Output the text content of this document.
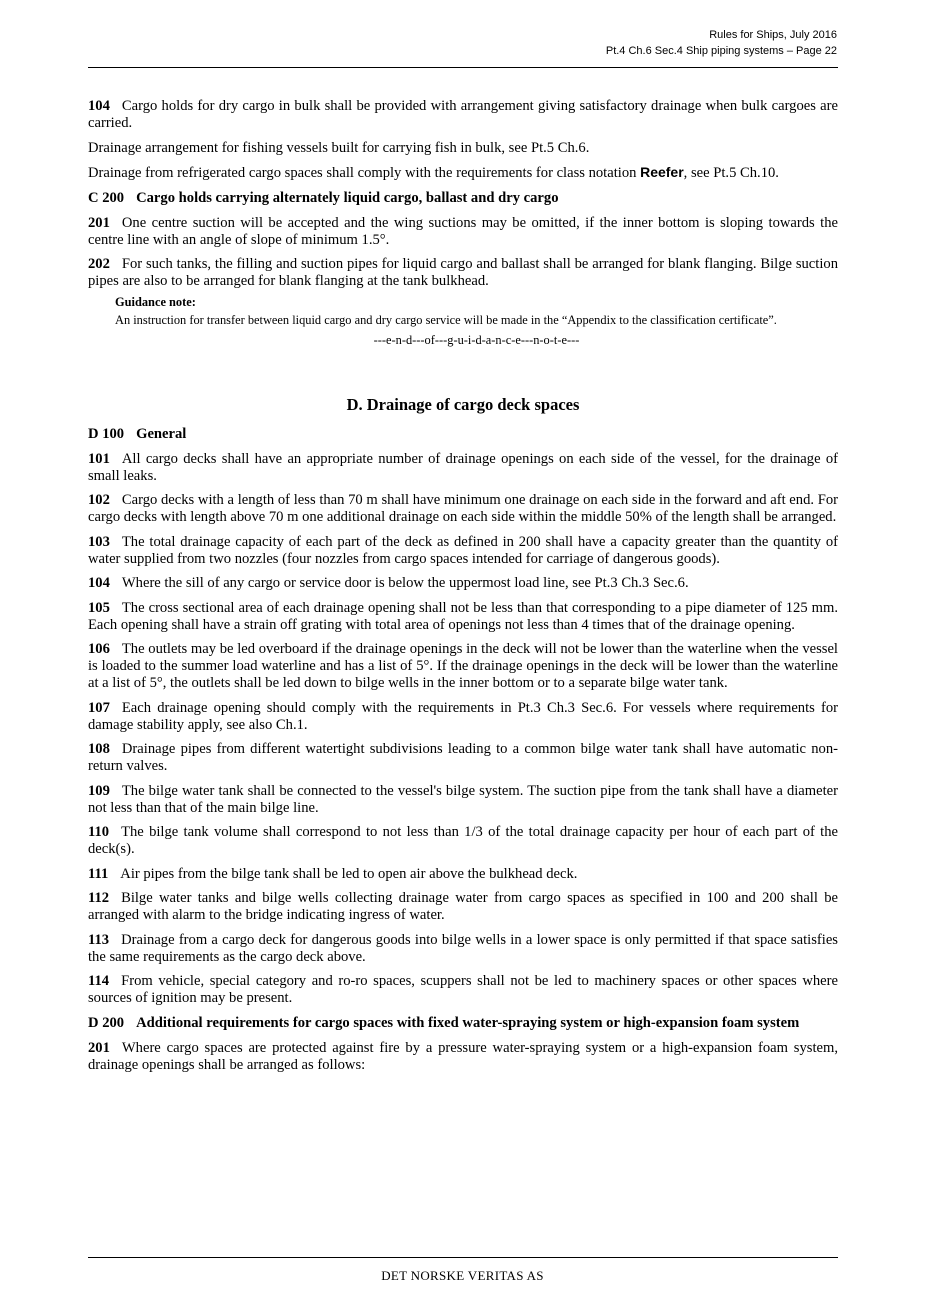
Rules for Ships, July 2016
Pt.4 Ch.6 Sec.4 Ship piping systems – Page 22

104 Cargo holds for dry cargo in bulk shall be provided with arrangement giving satisfactory drainage when bulk cargoes are carried.

Drainage arrangement for fishing vessels built for carrying fish in bulk, see Pt.5 Ch.6.

Drainage from refrigerated cargo spaces shall comply with the requirements for class notation Reefer, see Pt.5 Ch.10.

C 200 Cargo holds carrying alternately liquid cargo, ballast and dry cargo

201 One centre suction will be accepted and the wing suctions may be omitted, if the inner bottom is sloping towards the centre line with an angle of slope of minimum 1.5°.

202 For such tanks, the filling and suction pipes for liquid cargo and ballast shall be arranged for blank flanging. Bilge suction pipes are also to be arranged for blank flanging at the tank bulkhead.

Guidance note:
An instruction for transfer between liquid cargo and dry cargo service will be made in the “Appendix to the classification certificate”.
---e-n-d---of---g-u-i-d-a-n-c-e---n-o-t-e---
D. Drainage of cargo deck spaces
D 100 General

101 All cargo decks shall have an appropriate number of drainage openings on each side of the vessel, for the drainage of small leaks.

102 Cargo decks with a length of less than 70 m shall have minimum one drainage on each side in the forward and aft end. For cargo decks with length above 70 m one additional drainage on each side within the middle 50% of the length shall be arranged.

103 The total drainage capacity of each part of the deck as defined in 200 shall have a capacity greater than the quantity of water supplied from two nozzles (four nozzles from cargo spaces intended for carriage of dangerous goods).

104 Where the sill of any cargo or service door is below the uppermost load line, see Pt.3 Ch.3 Sec.6.

105 The cross sectional area of each drainage opening shall not be less than that corresponding to a pipe diameter of 125 mm. Each opening shall have a strain off grating with total area of openings not less than 4 times that of the drainage opening.

106 The outlets may be led overboard if the drainage openings in the deck will not be lower than the waterline when the vessel is loaded to the summer load waterline and has a list of 5°. If the drainage openings in the deck will be lower than the waterline at a list of 5°, the outlets shall be led down to bilge wells in the inner bottom or to a separate bilge water tank.

107 Each drainage opening should comply with the requirements in Pt.3 Ch.3 Sec.6. For vessels where requirements for damage stability apply, see also Ch.1.

108 Drainage pipes from different watertight subdivisions leading to a common bilge water tank shall have automatic non-return valves.

109 The bilge water tank shall be connected to the vessel's bilge system. The suction pipe from the tank shall have a diameter not less than that of the main bilge line.

110 The bilge tank volume shall correspond to not less than 1/3 of the total drainage capacity per hour of each part of the deck(s).

111 Air pipes from the bilge tank shall be led to open air above the bulkhead deck.

112 Bilge water tanks and bilge wells collecting drainage water from cargo spaces as specified in 100 and 200 shall be arranged with alarm to the bridge indicating ingress of water.

113 Drainage from a cargo deck for dangerous goods into bilge wells in a lower space is only permitted if that space satisfies the same requirements as the cargo deck above.

114 From vehicle, special category and ro-ro spaces, scuppers shall not be led to machinery spaces or other spaces where sources of ignition may be present.

D 200 Additional requirements for cargo spaces with fixed water-spraying system or high-expansion foam system

201 Where cargo spaces are protected against fire by a pressure water-spraying system or a high-expansion foam system, drainage openings shall be arranged as follows:

DET NORSKE VERITAS AS
